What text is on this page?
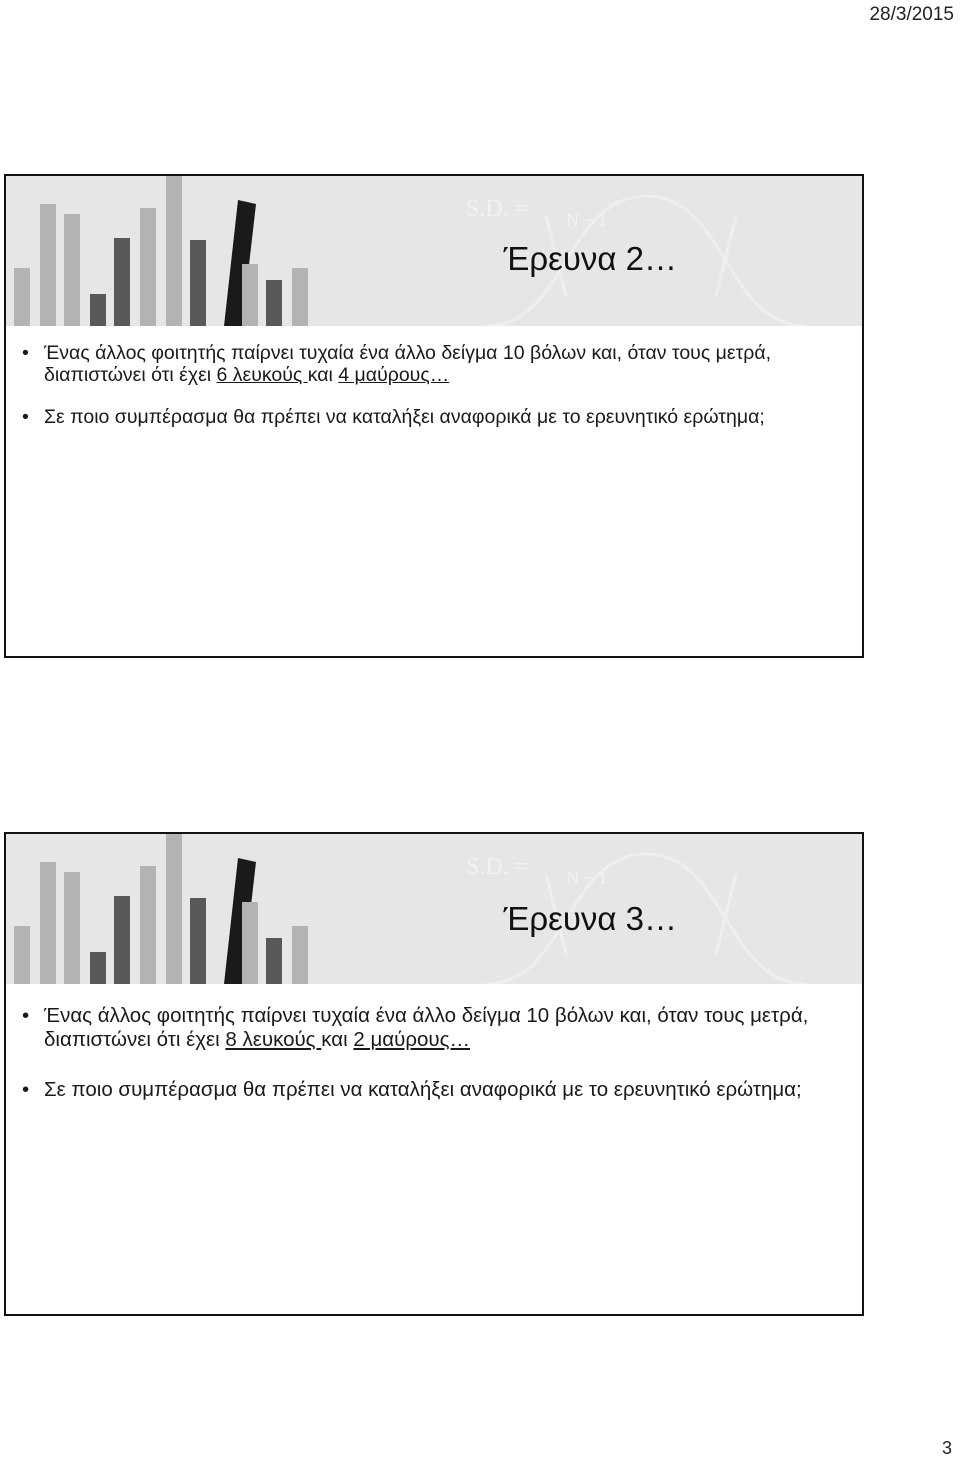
28/3/2015
S.D. = N − 1
Έρευνα 2…
• Ένας άλλος φοιτητής παίρνει τυχαία ένα άλλο δείγμα 10 βόλων και, όταν τους μετρά, διαπιστώνει ότι έχει 6 λευκούς και 4 μαύρους…
• Σε ποιο συμπέρασμα θα πρέπει να καταλήξει αναφορικά με το ερευνητικό ερώτημα;
S.D. = N − 1
Έρευνα 3…
• Ένας άλλος φοιτητής παίρνει τυχαία ένα άλλο δείγμα 10 βόλων και, όταν τους μετρά, διαπιστώνει ότι έχει 8 λευκούς και 2 μαύρους…
• Σε ποιο συμπέρασμα θα πρέπει να καταλήξει αναφορικά με το ερευνητικό ερώτημα;
3
